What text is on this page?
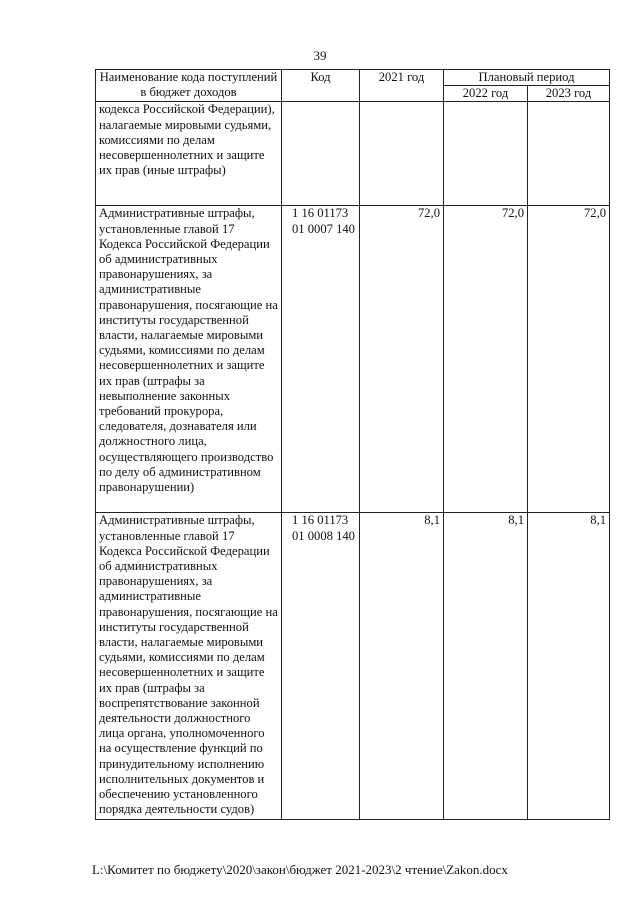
39
Наименование кода поступлений в бюджет доходов	Код	2021 год	Плановый период	
			2022 год	2023 год
кодекса Российской Федерации), налагаемые мировыми судьями, комиссиями по делам несовершеннолетних и защите их прав (иные штрафы)				
Административные штрафы, установленные главой 17 Кодекса Российской Федерации об административных правонарушениях, за административные правонарушения, посягающие на институты государственной власти, налагаемые мировыми судьями, комиссиями по делам несовершеннолетних и защите их прав (штрафы за невыполнение законных требований прокурора, следователя, дознавателя или должностного лица, осуществляющего производство по делу об административном правонарушении)	1 16 01173 01 0007 140	72,0	72,0	72,0
Административные штрафы, установленные главой 17 Кодекса Российской Федерации об административных правонарушениях, за административные правонарушения, посягающие на институты государственной власти, налагаемые мировыми судьями, комиссиями по делам несовершеннолетних и защите их прав (штрафы за воспрепятствование законной деятельности должностного лица органа, уполномоченного на осуществление функций по принудительному исполнению исполнительных документов и обеспечению установленного порядка деятельности судов)	1 16 01173 01 0008 140	8,1	8,1	8,1
L:\Комитет по бюджету\2020\закон\бюджет 2021-2023\2 чтение\Zakon.docx
